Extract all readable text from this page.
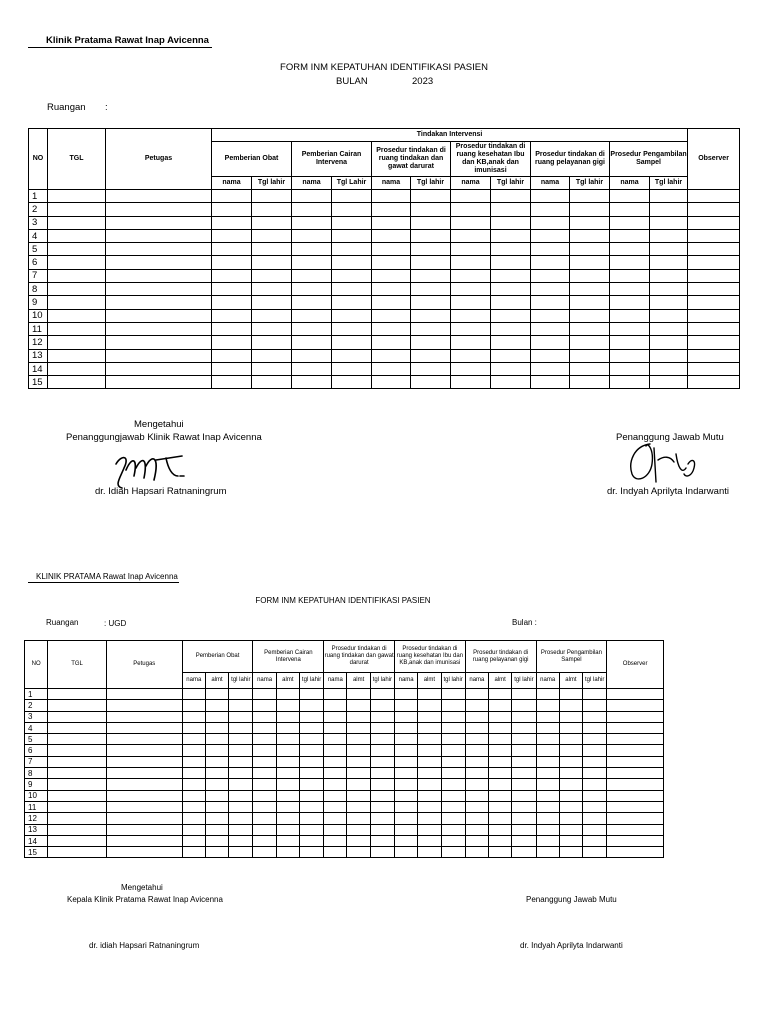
Klinik Pratama Rawat Inap Avicenna
FORM INM KEPATUHAN IDENTIFIKASI PASIEN
BULAN	2023
Ruangan :
NO	TGL	Petugas	Tindakan Intervensi												Observer
			Pemberian Obat		Pemberian Cairan Intervena		Prosedur tindakan di ruang tindakan dan gawat darurat		Prosedur tindakan di ruang kesehatan Ibu dan KB,anak dan imunisasi		Prosedur tindakan di ruang pelayanan gigi		Prosedur Pengambilan Sampel		
			nama	Tgl lahir	nama	Tgl Lahir	nama	Tgl lahir	nama	Tgl lahir	nama	Tgl lahir	nama	Tgl lahir	
1															
2															
3															
4															
5															
6															
7															
8															
9															
10															
11															
12															
13															
14															
15															
Mengetahui
Penanggungjawab Klinik Rawat Inap Avicenna
dr. Idiah Hapsari Ratnaningrum
Penanggung Jawab Mutu
dr. Indyah Aprilyta Indarwanti
KLINIK PRATAMA Rawat Inap Avicenna
FORM INM KEPATUHAN IDENTIFIKASI PASIEN
Ruangan	: UGD	Bulan :
NO	TGL	Petugas	Pemberian Obat			Pemberian Cairan Intervena			Prosedur tindakan di ruang tindakan dan gawat darurat			Prosedur tindakan di ruang kesehatan Ibu dan KB,anak dan imunisasi			Prosedur tindakan di ruang pelayanan gigi			Prosedur Pengambilan Sampel			Observer
			nama	almt	tgl lahir	nama	almt	tgl lahir	nama	almt	tgl lahir	nama	almt	tgl lahir	nama	almt	tgl lahir	nama	almt	tgl lahir	
1																					
2																					
3																					
4																					
5																					
6																					
7																					
8																					
9																					
10																					
11																					
12																					
13																					
14																					
15																					
Mengetahui
Kepala Klinik Pratama Rawat Inap Avicenna
dr. idiah Hapsari Ratnaningrum
Penanggung Jawab Mutu
dr. Indyah Aprilyta Indarwanti
